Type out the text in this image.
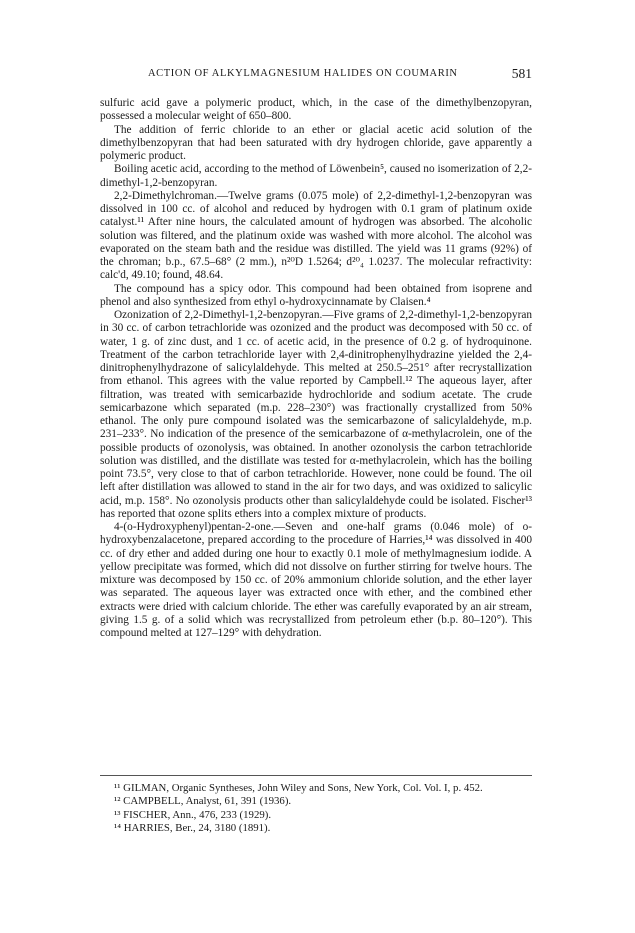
ACTION OF ALKYLMAGNESIUM HALIDES ON COUMARIN	581

sulfuric acid gave a polymeric product, which, in the case of the dimethylbenzopyran, possessed a molecular weight of 650–800.

The addition of ferric chloride to an ether or glacial acetic acid solution of the dimethylbenzopyran that had been saturated with dry hydrogen chloride, gave apparently a polymeric product.

Boiling acetic acid, according to the method of Löwenbein⁵, caused no isomerization of 2,2-dimethyl-1,2-benzopyran.

2,2-Dimethylchroman.—Twelve grams (0.075 mole) of 2,2-dimethyl-1,2-benzopyran was dissolved in 100 cc. of alcohol and reduced by hydrogen with 0.1 gram of platinum oxide catalyst.¹¹ After nine hours, the calculated amount of hydrogen was absorbed. The alcoholic solution was filtered, and the platinum oxide was washed with more alcohol. The alcohol was evaporated on the steam bath and the residue was distilled. The yield was 11 grams (92%) of the chroman; b.p., 67.5–68° (2 mm.), n²⁰D 1.5264; d²⁰₄ 1.0237. The molecular refractivity: calc'd, 49.10; found, 48.64.

The compound has a spicy odor. This compound had been obtained from isoprene and phenol and also synthesized from ethyl o-hydroxycinnamate by Claisen.⁴

Ozonization of 2,2-Dimethyl-1,2-benzopyran.—Five grams of 2,2-dimethyl-1,2-benzopyran in 30 cc. of carbon tetrachloride was ozonized and the product was decomposed with 50 cc. of water, 1 g. of zinc dust, and 1 cc. of acetic acid, in the presence of 0.2 g. of hydroquinone. Treatment of the carbon tetrachloride layer with 2,4-dinitrophenylhydrazine yielded the 2,4-dinitrophenylhydrazone of salicylaldehyde. This melted at 250.5–251° after recrystallization from ethanol. This agrees with the value reported by Campbell.¹² The aqueous layer, after filtration, was treated with semicarbazide hydrochloride and sodium acetate. The crude semicarbazone which separated (m.p. 228–230°) was fractionally crystallized from 50% ethanol. The only pure compound isolated was the semicarbazone of salicylaldehyde, m.p. 231–233°. No indication of the presence of the semicarbazone of α-methylacrolein, one of the possible products of ozonolysis, was obtained. In another ozonolysis the carbon tetrachloride solution was distilled, and the distillate was tested for α-methylacrolein, which has the boiling point 73.5°, very close to that of carbon tetrachloride. However, none could be found. The oil left after distillation was allowed to stand in the air for two days, and was oxidized to salicylic acid, m.p. 158°. No ozonolysis products other than salicylaldehyde could be isolated. Fischer¹³ has reported that ozone splits ethers into a complex mixture of products.

4-(o-Hydroxyphenyl)pentan-2-one.—Seven and one-half grams (0.046 mole) of o-hydroxybenzalacetone, prepared according to the procedure of Harries,¹⁴ was dissolved in 400 cc. of dry ether and added during one hour to exactly 0.1 mole of methylmagnesium iodide. A yellow precipitate was formed, which did not dissolve on further stirring for twelve hours. The mixture was decomposed by 150 cc. of 20% ammonium chloride solution, and the ether layer was separated. The aqueous layer was extracted once with ether, and the combined ether extracts were dried with calcium chloride. The ether was carefully evaporated by an air stream, giving 1.5 g. of a solid which was recrystallized from petroleum ether (b.p. 80–120°). This compound melted at 127–129° with dehydration.

¹¹ GILMAN, Organic Syntheses, John Wiley and Sons, New York, Col. Vol. I, p. 452.

¹² CAMPBELL, Analyst, 61, 391 (1936).

¹³ FISCHER, Ann., 476, 233 (1929).

¹⁴ HARRIES, Ber., 24, 3180 (1891).
